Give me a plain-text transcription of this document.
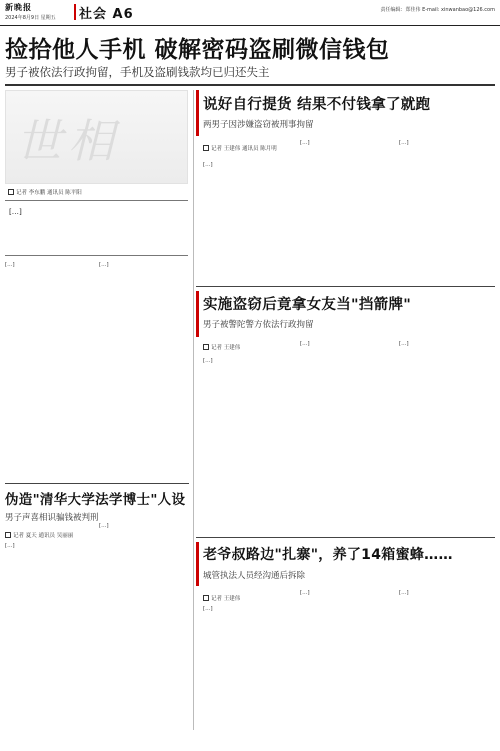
新晚报
2024年8月9日 星期五 社会 A6	责任编辑：郑佳伟 E-mail: xinwanbao@126.com
捡拾他人手机 破解密码盗刷微信钱包
男子被依法行政拘留，手机及盗刷钱款均已归还失主
世相
记者 李东鹏 通讯员 陈平阳
[…]
[…]	[…]
说好自行提货 结果不付钱拿了就跑
两男子因涉嫌盗窃被刑事拘留
记者 王建伟 通讯员 陈月明
[…]
[…]	[…]
实施盗窃后竟拿女友当"挡箭牌"
男子被警陀警方依法行政拘留
记者 王建伟
[…]
[…]	[…]
伪造"清华大学法学博士"人设
男子声喜相识骗钱被判刑
记者 夏天 通讯员 吴丽丽
[…]
[…]
老爷叔路边"扎寨"，养了14箱蜜蜂……
城管执法人员经沟通后拆除
记者 王建伟
[…]
[…]	[…]
